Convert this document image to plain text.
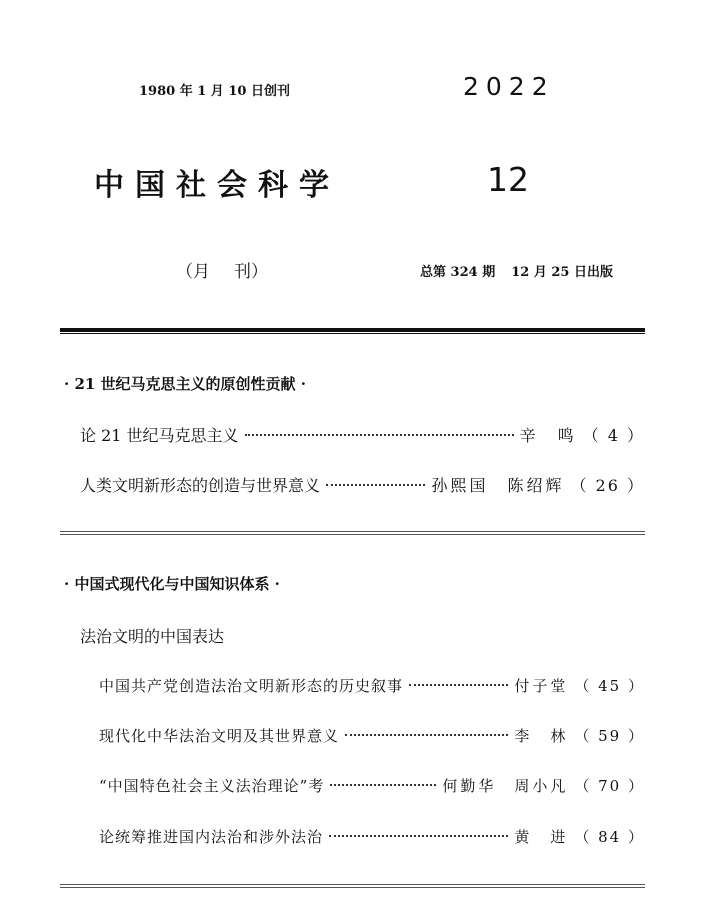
1980 年 1 月 10 日创刊	2022
中国社会科学	12
（月 刊）	总第 324 期 12 月 25 日出版
· 21 世纪马克思主义的原创性贡献 ·
论 21 世纪马克思主义	辛　鸣 （ 4 ）
人类文明新形态的创造与世界意义	孙熙国　陈绍辉 （ 26 ）
· 中国式现代化与中国知识体系 ·
法治文明的中国表达
中国共产党创造法治文明新形态的历史叙事	付子堂 （ 45 ）
现代化中华法治文明及其世界意义	李　林 （ 59 ）
“中国特色社会主义法治理论”考	何勤华　周小凡 （ 70 ）
论统筹推进国内法治和涉外法治	黄　进 （ 84 ）
